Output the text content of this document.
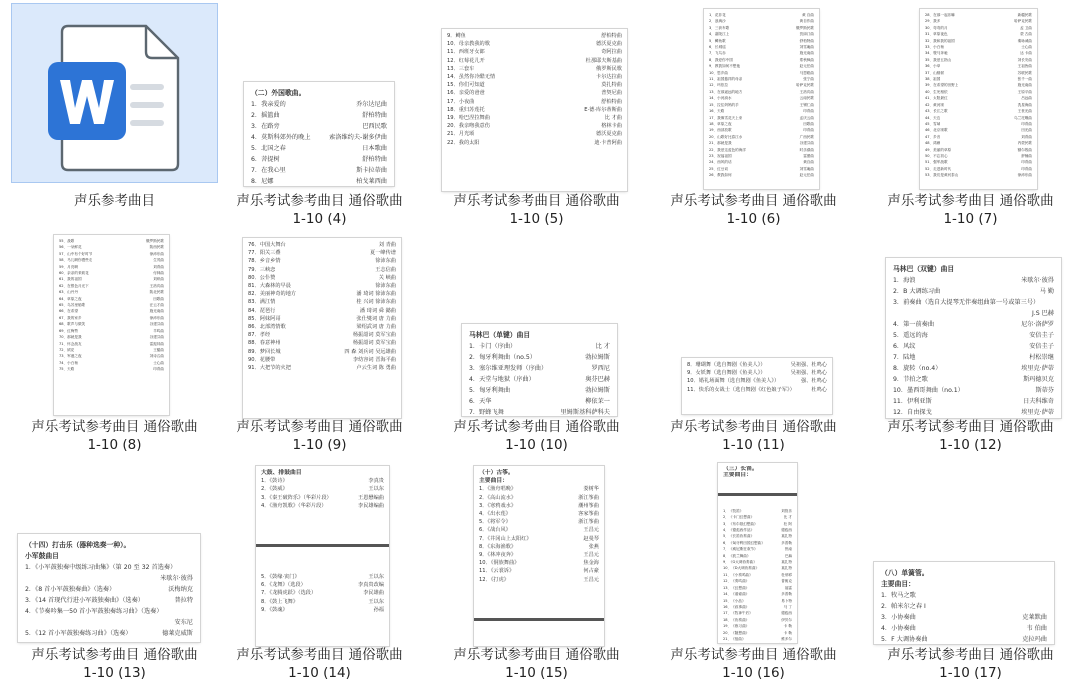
声乐参考曲目
（二）外国歌曲。
1．我亲爱的	乔尔达尼曲
2．摇篮曲	舒柏特曲
3．在路旁	巴西民歌
4．莫斯科郊外的晚上	索洛维约夫-谢多伊曲
5．北国之春	日本歌曲
6．菩提树	舒柏特曲
7．在我心里	斯卡拉蒂曲
8．尼娜	柏戈莱西曲
声乐考试参考曲目 通俗歌曲
1-10 (4)
9．鳟鱼	舒柏特曲
10．母亲教我的歌	德沃夏克曲
11．西班牙女郎	奇阿拉曲
12．红莓花儿开	杜那耶夫斯基曲
13．三套车	俄罗斯民歌
14．虽然你冷酷无情	卡尔达拉曲
15．你们可知道	莫扎特曲
16．亲爱的爸爸	普契尼曲
17．小夜曲	舒柏特曲
18．重归苏莲托	E·德·库尔蒂斯曲
19．哈巴涅拉舞曲	比 才曲
20．我亲吻我意伤	格林卡曲
21．月光颂	德沃夏克曲
22．我的太阳	迪·卡普阿曲
声乐考试参考曲目 通俗歌曲
1-10 (5)
1．花非花	黄 自曲
2．浪淘沙	黄自作曲
3．三套车歌	俄罗斯民歌
4．嘉陵江上	贺绿汀曲
5．鳟鱼歌	舒柏特曲
6．长城谣	刘雪庵曲
7．飞鸟赤	施光南曲
8．我爱你中国	郑秋枫曲
9．教我如何不想他	赵元任曲
10．思乡曲	马思聪曲
11．祖国慈祥的母亲	张宁曲
12．玛依拉	哈萨克民歌
13．在那遥远的地方	王洛宾曲
14．小河淌水	云南民歌
15．拉住妈妈的手	王锡仁曲
16．天路	印青曲
17．我像雪花天上来	孟庆云曲
18．草原之夜	田歌曲
19．西部放歌	印青曲
20．山歌好比春江水	广西民歌
21．那就是我	谷建芬曲
22．我爱这蓝色的海洋	时乐濛曲
23．祝福祖国	雷蕾曲
24．西风的话	黄自曲
25．红豆词	刘雪庵曲
26．教我如何	赵元任曲
声乐考试参考曲目 通俗歌曲
1-10 (6)
28．在那一起乐嘛	新疆民歌
29．我多	哈萨克民歌
30．弯弯的月	孟 卫曲
31．草原夜色	蒙 古曲
32．我和我的祖国	秦咏诚曲
33．小白杨	士心曲
34．骏马奔驰	达 卡曲
35．我爱五指山	刘长安曲
36．小草	王祖皆曲
37．山楂树	苏联民歌
38．祖国	张千一曲
39．在希望的田野上	施光南曲
40．生死相依	王原平曲
41．太阳最红	吕远曲
42．黄河颂	冼星海曲
43．长江之歌	王世光曲
44．天边	乌兰托嘎曲
45．雪域	印青曲
46．北京颂歌	田光曲
47．乡音	刘青曲
48．鸿雁	内蒙民歌
49．美丽的草原	额尔敦曲
50．不忘初心	舒楠曲
51．强军战歌	印青曲
52．走进新时代	印青曲
53．我们是黄河泰山	徐沛东曲
声乐考试参考曲目 通俗歌曲
1-10 (7)
55．战歌	俄罗斯民歌
56．一朵鲜花	陕西民歌
57．山中有个好时节	徐沛东曲
58．马儿啊你慢些走	生茂曲
59．月亮啊	刘青曲
60．亲亲的茉莉花	付林曲
61．我的祖国	刘炽曲
62．在银色月光下	王洛宾曲
63．山丹丹	陕北民歌
64．草原之夜	田歌曲
65．乌苏里船歌	汪云才曲
66．在希望	施光南曲
67．我的家乡	徐沛东曲
68．歌声与微笑	谷建芬曲
69．红梅赞	羊鸣曲
70．那就是我	谷建芬曲
71．怀念战友	雷振邦曲
72．绒花	王酩曲
73．军港之夜	刘诗召曲
74．小白杨	士心曲
75．天路	印青曲
声乐考试参考曲目 通俗歌曲
1-10 (8)
76．中国大舞台	刘 青曲
77．阳关三叠	夏一峰传谱
78．乡音乡情	徐沛东曲
79．三峡恋	王志信曲
80．公仆赞	关 峡曲
81．大森林的早晨	徐沛东曲
82．美丽神奇的地方	潘 琦词 徐沛东曲
83．满江情	桂 兴词 徐沛东曲
84．琵琶行	潘 琦词 舜 懿曲
85．阿妹阿哥	张仕燮词 唐 力曲
86．北部湾情歌	梁绍武词 唐 力曲
87．孝经	杨振韶词 莫军宝曲
88．春意神州	杨振韶词 莫军宝曲
89．梦回长城	四 森 刘兵词 吴远雄曲
90．花腰带	李幼容词 晋海平曲
91．大把节的火把	卢云生词 陈 勇曲
声乐考试参考曲目 通俗歌曲
1-10 (9)
马林巴（单键）曲目
1．卡门（序曲）	比 才
2．匈牙利舞曲（no.5）	勃拉姆斯
3．塞尔维亚理发师（序曲）	罗西尼
4．天堂与地狱（序曲）	奥芬巴赫
5．匈牙利舞曲	勃拉姆斯
6．天华	柳依茉一
7．野蜂飞舞	里姆斯基科萨科夫
声乐考试参考曲目 通俗歌曲
1-10 (10)
8．珊瑚舞（选自舞剧《鱼美人》）	吴祖强、杜鸣心
9．女妖舞（选自舞剧《鱼美人》）	吴祖强、杜鸣心
10．婚礼场面舞（选自舞剧《鱼美人》）	强、杜鸣心
11．快乐的女战士（选自舞剧《红色娘子军》）	杜鸣心
声乐考试参考曲目 通俗歌曲
1-10 (11)
马林巴（双键）曲目
1．海浪	米歇尔·彼得
2．B 大调练习曲	马 勤
3．前奏曲（选自大提琴无伴奏组曲第一号或第三号）
J.S 巴赫
4．第一前奏曲	尼尔·洛萨罗
5．遥远的海	安倍圭子
6．风纹	安倍圭子
7．陆地	村松崇继
8．旋转（no.4）	埃里克·萨蒂
9．节拍之歌	斯玛德贝克
10．墨西哥舞曲（no.1）	斯蒂芬
11．伊利亚斯	日夫科维奇
12．自由探戈	埃里克·萨蒂
声乐考试参考曲目 通俗歌曲
1-10 (12)
（十四）打击乐（器种选奏一种）。
小军鼓曲目
1．《小军鼓独奏中级练习曲集》（第 20 至 32 首选奏）
米歇尔·彼得
2．《8 首小军鼓独奏曲》（选奏）	沃梅纳克
3．《14 首现代行进小军鼓独奏曲》（选奏）	普拉特
4．《节奏吟集一50 首小军鼓独奏练习曲》（选奏）
安东尼
5．《12 首小军鼓独奏练习曲》（选奏）	德莱克威斯
声乐考试参考曲目 通俗歌曲
1-10 (13)
大鼓、排鼓曲目
1．《鼓诗》	李真贵
2．《鼓威》	王以东
3．《秦王破阵乐》（华彩片段）	王恩懋编曲
4．《渔舟凯歌》（华彩片段）	李民雄编曲
5．《鼓缘·寅门》	王以东
6．《龙舞》（选段）	李真贵改编
7．《龙腾虎跃》（选段）	李民雄曲
8．《鼓上飞舞》	王以东
9．《鼓魂》	孙福
声乐考试参考曲目 通俗歌曲
1-10 (14)
（十）古筝。
主要曲目：
1．《渔舟唱晚》	娄树华
2．《高山流水》	浙江筝曲
3．《寒鸦戏水》	潮州筝曲
4．《出水莲》	客家筝曲
5．《将军令》	浙江筝曲
6．《战台风》	王昌元
7．《井冈山上太阳红》	赵曼琴
8．《东海渔歌》	张燕
9．《林冲夜奔》	王昌元
10．《侗族舞曲》	焦金海
11．《云裳诉》	何占豪
12．《打虎》	王昌元
声乐考试参考曲目 通俗歌曲
1-10 (15)
（三）长笛。
主要曲目：
1．《牧笛》	刘管乐
2．《卡门幻想曲》	比 才
3．《布尔基幻想曲》	杜 阿
4．《德彪西作品》	德彪西
5．《长笛协奏曲》	莫扎特
6．《匈牙利田园幻想曲》	多普勒
7．《威尼斯狂欢节》	热南
8．《波兰舞曲》	巴赫
9．《G大调协奏曲》	莫扎特
10．《D大调协奏曲》	莫扎特
11．《小奏鸣曲》	杜蒂耶
12．《奏鸣曲》	普朗克
13．《幻想曲》	福雷
14．《谐谑曲》	多普勒
15．《小品》	易卜特
16．《叙事曲》	马 丁
17．《牧神午后》	德彪西
18．《协奏曲》	伊贝尔
19．《练习曲》	卡 勒
20．《随想曲》	卡 勒
21．《组曲》	维多尔
声乐考试参考曲目 通俗歌曲
1-10 (16)
（八）单簧管。
主要曲目：
1．牧马之歌
2．帕米尔之春 I
3．小协奏曲	克莱默曲
4．小协奏曲	韦 伯曲
5．F 大调协奏曲	克拉玛曲
声乐考试参考曲目 通俗歌曲
1-10 (17)
